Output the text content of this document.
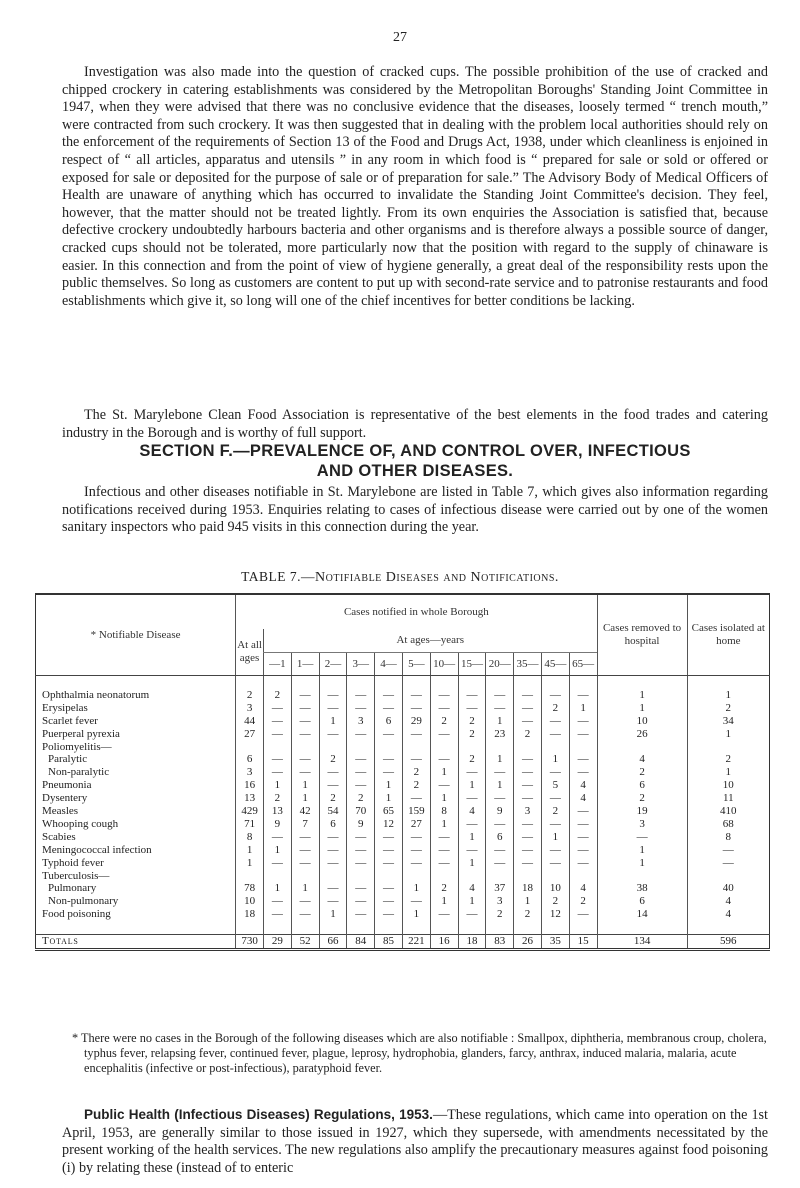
27

Investigation was also made into the question of cracked cups. The possible prohibition of the use of cracked and chipped crockery in catering establishments was considered by the Metropolitan Boroughs' Standing Joint Committee in 1947, when they were advised that there was no conclusive evidence that the diseases, loosely termed “ trench mouth,” were contracted from such crockery. It was then suggested that in dealing with the problem local authorities should rely on the enforcement of the requirements of Section 13 of the Food and Drugs Act, 1938, under which cleanliness is enjoined in respect of “ all articles, apparatus and utensils ” in any room in which food is “ prepared for sale or sold or offered or exposed for sale or deposited for the purpose of sale or of preparation for sale.” The Advisory Body of Medical Officers of Health are unaware of anything which has occurred to invalidate the Standing Joint Committee's decision. They feel, however, that the matter should not be treated lightly. From its own enquiries the Association is satisfied that, because defective crockery undoubtedly harbours bacteria and other organisms and is therefore always a possible source of danger, cracked cups should not be tolerated, more particularly now that the position with regard to the supply of chinaware is easier. In this connection and from the point of view of hygiene generally, a great deal of the responsibility rests upon the public themselves. So long as customers are content to put up with second-rate service and to patronise restaurants and food establishments which give it, so long will one of the chief incentives for better conditions be lacking.

The St. Marylebone Clean Food Association is representative of the best elements in the food trades and catering industry in the Borough and is worthy of full support.

SECTION F.—PREVALENCE OF, AND CONTROL OVER, INFECTIOUS
AND OTHER DISEASES.

Infectious and other diseases notifiable in St. Marylebone are listed in Table 7, which gives also information regarding notifications received during 1953. Enquiries relating to cases of infectious disease were carried out by one of the women sanitary inspectors who paid 945 visits in this connection during the year.

TABLE 7.—Notifiable Diseases and Notifications.
* Notifiable Disease	Cases notified in whole Borough													Cases removed to hospital	Cases isolated at home
	At all ages	At ages—years													
		—1	1—	2—	3—	4—	5—	10—	15—	20—	35—	45—	65—		

Ophthalmia neonatorum	2	2	—	—	—	—	—	—	—	—	—	—	—	1	1
Erysipelas	3	—	—	—	—	—	—	—	—	—	—	2	1	1	2
Scarlet fever	44	—	—	1	3	6	29	2	2	1	—	—	—	10	34
Puerperal pyrexia	27	—	—	—	—	—	—	—	2	23	2	—	—	26	1
Poliomyelitis—															
Paralytic	6	—	—	2	—	—	—	—	2	1	—	1	—	4	2
Non-paralytic	3	—	—	—	—	—	2	1	—	—	—	—	—	2	1
Pneumonia	16	1	1	—	—	1	2	—	1	1	—	5	4	6	10
Dysentery	13	2	1	2	2	1	—	1	—	—	—	—	4	2	11
Measles	429	13	42	54	70	65	159	8	4	9	3	2	—	19	410
Whooping cough	71	9	7	6	9	12	27	1	—	—	—	—	—	3	68
Scabies	8	—	—	—	—	—	—	—	1	6	—	1	—	—	8
Meningococcal infection	1	1	—	—	—	—	—	—	—	—	—	—	—	1	—
Typhoid fever	1	—	—	—	—	—	—	—	1	—	—	—	—	1	—
Tuberculosis—															
Pulmonary	78	1	1	—	—	—	1	2	4	37	18	10	4	38	40
Non-pulmonary	10	—	—	—	—	—	—	1	1	3	1	2	2	6	4
Food poisoning	18	—	—	1	—	—	1	—	—	2	2	12	—	14	4

Totals	730	29	52	66	84	85	221	16	18	83	26	35	15	134	596

* There were no cases in the Borough of the following diseases which are also notifiable : Smallpox, diphtheria, membranous croup, cholera, typhus fever, relapsing fever, continued fever, plague, leprosy, hydrophobia, glanders, farcy, anthrax, induced malaria, malaria, acute encephalitis (infective or post-infectious), paratyphoid fever.

Public Health (Infectious Diseases) Regulations, 1953.—These regulations, which came into operation on the 1st April, 1953, are generally similar to those issued in 1927, which they supersede, with amendments necessitated by the present working of the health services. The new regulations also amplify the precautionary measures against food poisoning (i) by relating these (instead of to enteric
